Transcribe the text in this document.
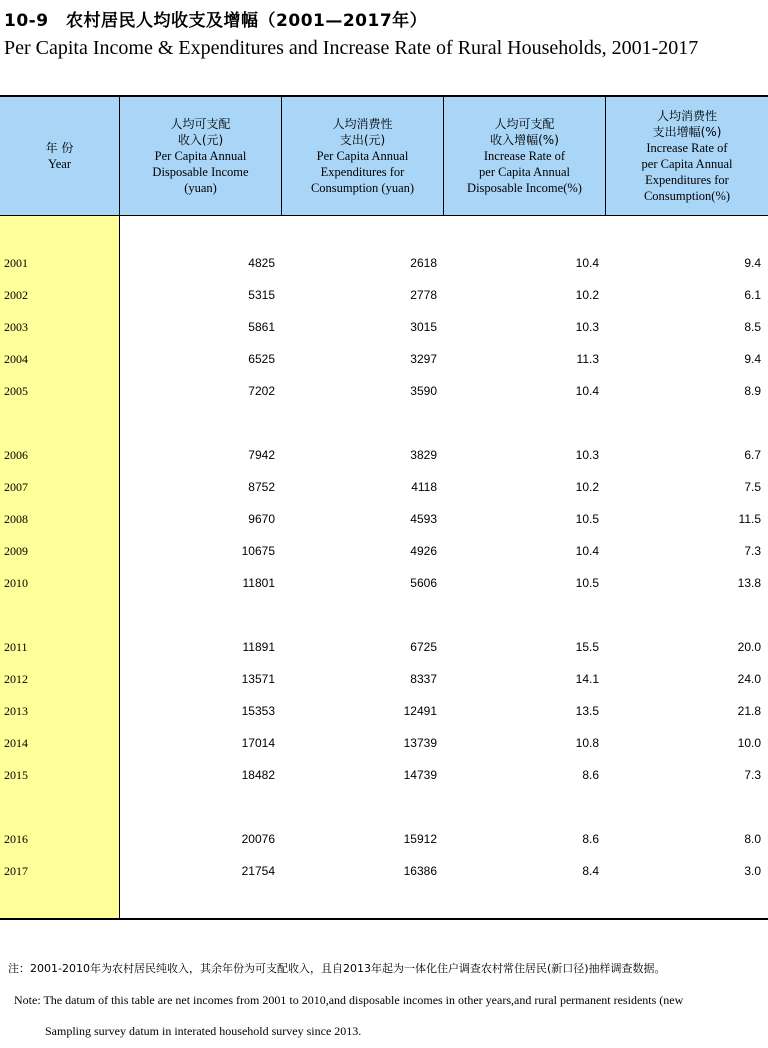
10-9　农村居民人均收支及增幅（2001—2017年）
Per Capita Income & Expenditures and Increase Rate of Rural Households, 2001-2017
年 份
Year
人均可支配
收入(元)
Per Capita Annual
Disposable Income
(yuan)
人均消费性
支出(元)
Per Capita Annual
Expenditures for
Consumption (yuan)
人均可支配
收入增幅(%)
Increase Rate of
per Capita Annual
Disposable Income(%)
人均消费性
支出增幅(%)
Increase Rate of
per Capita Annual
Expenditures for
Consumption(%)
2001	4825	2618	10.4	9.4
2002	5315	2778	10.2	6.1
2003	5861	3015	10.3	8.5
2004	6525	3297	11.3	9.4
2005	7202	3590	10.4	8.9
2006	7942	3829	10.3	6.7
2007	8752	4118	10.2	7.5
2008	9670	4593	10.5	11.5
2009	10675	4926	10.4	7.3
2010	11801	5606	10.5	13.8
2011	11891	6725	15.5	20.0
2012	13571	8337	14.1	24.0
2013	15353	12491	13.5	21.8
2014	17014	13739	10.8	10.0
2015	18482	14739	8.6	7.3
2016	20076	15912	8.6	8.0
2017	21754	16386	8.4	3.0
注：2001-2010年为农村居民纯收入，其余年份为可支配收入，且自2013年起为一体化住户调查农村常住居民(新口径)抽样调查数据。
Note: The datum of this table are net incomes from 2001 to 2010,and disposable incomes in other years,and rural permanent residents (new
Sampling survey datum in interated household survey since 2013.
